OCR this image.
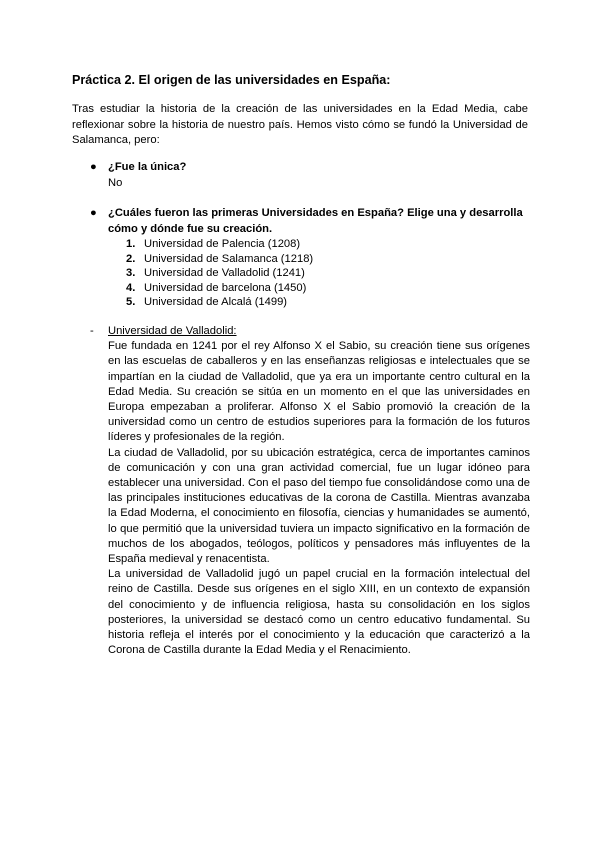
Práctica 2. El origen de las universidades en España:
Tras estudiar la historia de la creación de las universidades en la Edad Media, cabe reflexionar sobre la historia de nuestro país. Hemos visto cómo se fundó la Universidad de Salamanca, pero:
● ¿Fue la única?
No
● ¿Cuáles fueron las primeras Universidades en España? Elige una y desarrolla cómo y dónde fue su creación.
1. Universidad de Palencia (1208)
2. Universidad de Salamanca (1218)
3. Universidad de Valladolid (1241)
4. Universidad de barcelona (1450)
5. Universidad de Alcalá (1499)
- Universidad de Valladolid:

Fue fundada en 1241 por el rey Alfonso X el Sabio, su creación tiene sus orígenes en las escuelas de caballeros y en las enseñanzas religiosas e intelectuales que se impartían en la ciudad de Valladolid, que ya era un importante centro cultural en la Edad Media. Su creación se sitúa en un momento en el que las universidades en Europa empezaban a proliferar. Alfonso X el Sabio promovió la creación de la universidad como un centro de estudios superiores para la formación de los futuros líderes y profesionales de la región.

La ciudad de Valladolid, por su ubicación estratégica, cerca de importantes caminos de comunicación y con una gran actividad comercial, fue un lugar idóneo para establecer una universidad. Con el paso del tiempo fue consolidándose como una de las principales instituciones educativas de la corona de Castilla. Mientras avanzaba la Edad Moderna, el conocimiento en filosofía, ciencias y humanidades se aumentó, lo que permitió que la universidad tuviera un impacto significativo en la formación de muchos de los abogados, teólogos, políticos y pensadores más influyentes de la España medieval y renacentista.

La universidad de Valladolid jugó un papel crucial en la formación intelectual del reino de Castilla. Desde sus orígenes en el siglo XIII, en un contexto de expansión del conocimiento y de influencia religiosa, hasta su consolidación en los siglos posteriores, la universidad se destacó como un centro educativo fundamental. Su historia refleja el interés por el conocimiento y la educación que caracterizó a la Corona de Castilla durante la Edad Media y el Renacimiento.
